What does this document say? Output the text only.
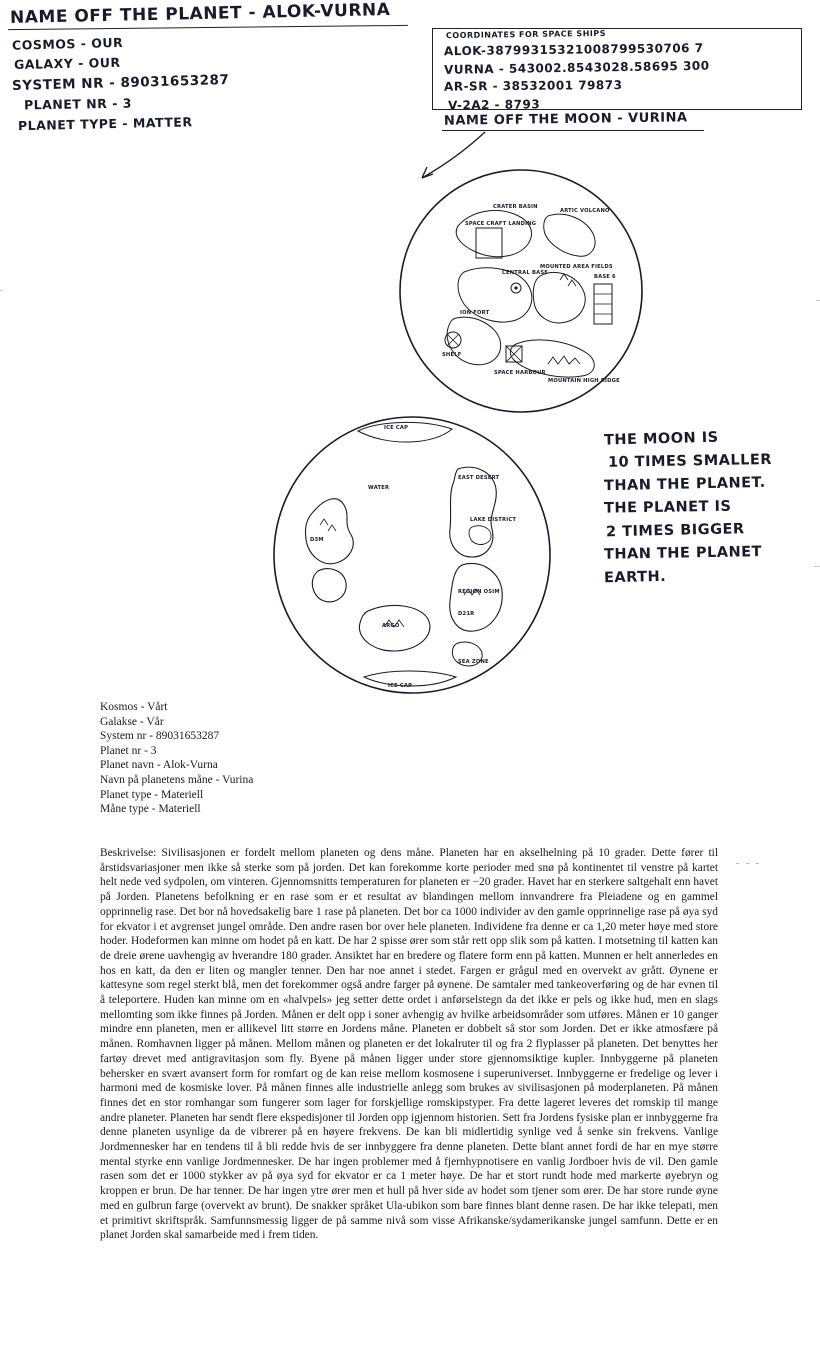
NAME OFF THE PLANET - ALOK-VURNA
COSMOS - OUR
GALAXY - OUR
SYSTEM NR - 89031653287
PLANET NR - 3
PLANET TYPE - MATTER
COORDINATES FOR SPACE SHIPS
ALOK-38799315321008799530706 7
VURNA - 543002.8543028.58695 300
AR-SR - 38532001 79873
V-2A2 - 8793
NAME OFF THE MOON - VURINA
CRATER BASIN
SPACE CRAFT LANDING
ARTIC VOLCANO
CENTRAL BASE
MOUNTED AREA FIELDS
BASE 6
ION FORT
SHELF
SPACE HARBOUR
MOUNTAIN HIGH RIDGE
ICE CAP
WATER
EAST DESERT
LAKE DISTRICT
ARGO
REGION OSIM
D21R
D3M
SEA ZONE
ICE CAP
THE MOON IS
10 TIMES SMALLER
THAN THE PLANET.
THE PLANET IS
2 TIMES BIGGER
THAN THE PLANET
EARTH.
Kosmos - Vårt
Galakse - Vår
System nr - 89031653287
Planet nr - 3
Planet navn - Alok-Vurna
Navn på planetens måne - Vurina
Planet type - Materiell
Måne type - Materiell
Beskrivelse: Sivilisasjonen er fordelt mellom planeten og dens måne. Planeten har en akselhelning på 10 grader. Dette fører til årstidsvariasjoner men ikke så sterke som på jorden. Det kan forekomme korte perioder med snø på kontinentet til venstre på kartet helt nede ved sydpolen, om vinteren. Gjennomsnitts temperaturen for planeten er −20 grader. Havet har en sterkere saltgehalt enn havet på Jorden. Planetens befolkning er en rase som er et resultat av blandingen mellom innvandrere fra Pleiadene og en gammel opprinnelig rase. Det bor nå hovedsakelig bare 1 rase på planeten. Det bor ca 1000 individer av den gamle opprinnelige rase på øya syd for ekvator i et avgrenset jungel område. Den andre rasen bor over hele planeten. Individene fra denne er ca 1,20 meter høye med store hoder. Hodeformen kan minne om hodet på en katt. De har 2 spisse ører som står rett opp slik som på katten. I motsetning til katten kan de dreie ørene uavhengig av hverandre 180 grader. Ansiktet har en bredere og flatere form enn på katten. Munnen er helt annerledes en hos en katt, da den er liten og mangler tenner. Den har noe annet i stedet. Fargen er grågul med en overvekt av grått. Øynene er kattesyne som regel sterkt blå, men det forekommer også andre farger på øynene. De samtaler med tankeoverføring og de har evnen til å teleportere. Huden kan minne om en «halvpels» jeg setter dette ordet i anførselstegn da det ikke er pels og ikke hud, men en slags mellomting som ikke finnes på Jorden. Månen er delt opp i soner avhengig av hvilke arbeidsområder som utføres. Månen er 10 ganger mindre enn planeten, men er allikevel litt større en Jordens måne. Planeten er dobbelt så stor som Jorden. Det er ikke atmosfære på månen. Romhavnen ligger på månen. Mellom månen og planeten er det lokalruter til og fra 2 flyplasser på planeten. Det benyttes her fartøy drevet med antigravitasjon som fly. Byene på månen ligger under store gjennomsiktige kupler. Innbyggerne på planeten behersker en svært avansert form for romfart og de kan reise mellom kosmosene i superuniverset. Innbyggerne er fredelige og lever i harmoni med de kosmiske lover. På månen finnes alle industrielle anlegg som brukes av sivilisasjonen på moderplaneten. På månen finnes det en stor romhangar som fungerer som lager for forskjellige romskipstyper. Fra dette lageret leveres det romskip til mange andre planeter. Planeten har sendt flere ekspedisjoner til Jorden opp igjennom historien. Sett fra Jordens fysiske plan er innbyggerne fra denne planeten usynlige da de vibrerer på en høyere frekvens. De kan bli midlertidig synlige ved å senke sin frekvens. Vanlige Jordmennesker har en tendens til å bli redde hvis de ser innbyggere fra denne planeten. Dette blant annet fordi de har en mye større mental styrke enn vanlige Jordmennesker. De har ingen problemer med å fjernhypnotisere en vanlig Jordboer hvis de vil. Den gamle rasen som det er 1000 stykker av på øya syd for ekvator er ca 1 meter høye. De har et stort rundt hode med markerte øyebryn og kroppen er brun. De har tenner. De har ingen ytre ører men et hull på hver side av hodet som tjener som ører. De har store runde øyne med en gulbrun farge (overvekt av brunt). De snakker språket Ula-ubikon som bare finnes blant denne rasen. De har ikke telepati, men et primitivt skriftspråk. Samfunnsmessig ligger de på samme nivå som visse Afrikanske/sydamerikanske jungel samfunn. Dette er en planet Jorden skal samarbeide med i frem tiden.
- - -
